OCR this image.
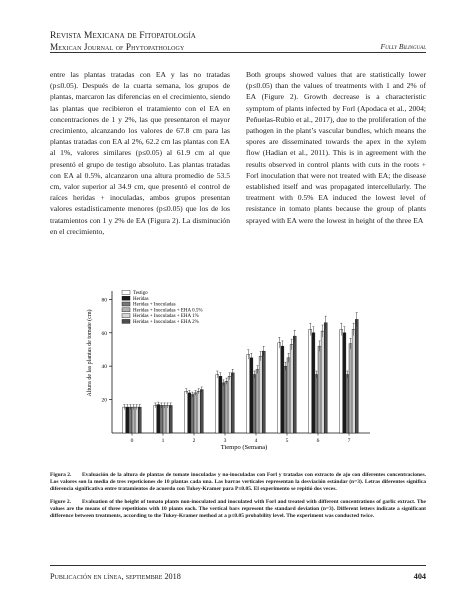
Revista Mexicana de Fitopatología
Mexican Journal of Phytopathology	Fully Bilingual

entre las plantas tratadas con EA y las no tratadas (p≤0.05). Después de la cuarta semana, los grupos de plantas, marcaron las diferencias en el crecimiento, siendo las plantas que recibieron el tratamiento con el EA en concentraciones de 1 y 2%, las que presentaron el mayor crecimiento, alcanzando los valores de 67.8 cm para las plantas tratadas con EA al 2%, 62.2 cm las plantas con EA al 1%, valores similares (p≤0.05) al 61.9 cm al que presentó el grupo de testigo absoluto. Las plantas tratadas con EA al 0.5%, alcanzaron una altura promedio de 53.5 cm, valor superior al 34.9 cm, que presentó el control de raíces heridas + inoculadas, ambos grupos presentan valores estadísticamente menores (p≤0.05) que los de los tratamientos con 1 y 2% de EA (Figura 2). La disminución en el crecimiento,

Both groups showed values that are statistically lower (p≤0.05) than the values of treatments with 1 and 2% of EA (Figure 2). Growth decrease is a characteristic symptom of plants infected by Forl (Apodaca et al., 2004; Peñuelas-Rubio et al., 2017), due to the proliferation of the pathogen in the plant’s vascular bundles, which means the spores are disseminated towards the apex in the xylem flow (Hadian et al., 2011). This is in agreement with the results observed in control plants with cuts in the roots + Forl inoculation that were not treated with EA; the disease established itself and was propagated intercellularly. The treatment with 0.5% EA induced the lowest level of resistance in tomato plants because the group of plants sprayed with EA were the lowest in height of the three EA

Altura de las plantas de tomate (cm)
Tiempo (Semana)
20
40
60
80
0	1	2	3	4	5	6	7
Testigo
Heridas
Heridas + Inoculadas
Heridas + Inoculadas + EHA 0.5%
Heridas + Inoculadas + EHA 1%
Heridas + Inoculadas + EHA 2%
Figura 2. Evaluación de la altura de plantas de tomate inoculadas y no-inoculadas con Forl y tratadas con extracto de ajo con diferentes concentraciones. Los valores son la media de tres repeticiones de 10 plantas cada una. Las barras verticales representan la desviación estándar (n=3). Letras diferentes significa diferencia significativa entre tratamientos de acuerdo con Tukey-Kramer para P≤0.05. El experimento se repitió dos veces.
Figure 2. Evaluation of the height of tomato plants non-inoculated and inoculated with Forl and treated with different concentrations of garlic extract. The values are the means of three repetitions with 10 plants each. The vertical bars represent the standard deviation (n=3). Different letters indicate a significant difference between treatments, according to the Tukey-Kramer method at a p≤0.05 probability level. The experiment was conducted twice.
Publicación en línea, septiembre 2018	404
